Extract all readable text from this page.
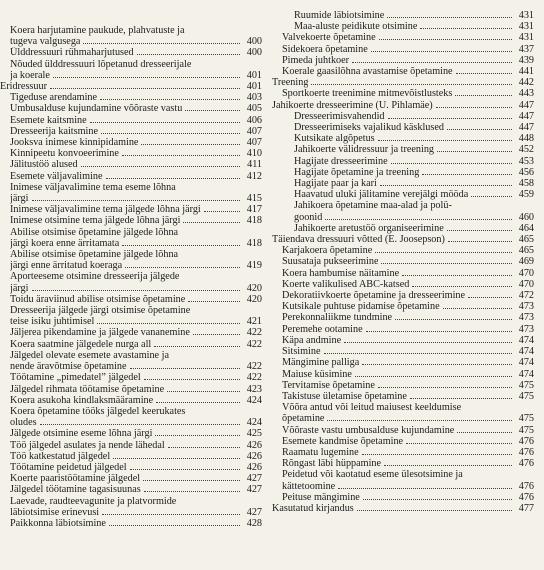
Koera harjutamine paukude, plahvatuste ja
tugeva valgusega	400
Ülddressuuri rühmaharjutused	400
Nõuded ülddressuuri lõpetanud dresseerijale
ja koerale	401
Eridressuur	401
Tigeduse arendamine	403
Umbusalduse kujundamine võõraste vastu	405
Esemete kaitsmine	406
Dresseerija kaitsmine	407
Jooksva inimese kinnipidamine	407
Kinnipeetu konvoeerimine	410
Jälitustöö alused	411
Esemete väljavalimine	412
Inimese väljavalimine tema eseme lõhna
järgi	415
Inimese väljavalimine tema jälgede lõhna järgi	417
Inimese otsimine tema jälgede lõhna järgi	418
Abilise otsimise õpetamine jälgede lõhna
järgi koera enne ärritamata	418
Abilise otsimise õpetamine jälgede lõhna
järgi enne ärritatud koeraga	419
Aporteeseme otsimine dresseerija jälgede
järgi	420
Toidu äraviinud abilise otsimise õpetamine	420
Dresseerija jälgede järgi otsimise õpetamine
teise isiku juhtimisel	421
Jäljerea pikendamine ja jälgede vananemine	422
Koera saatmine jälgedele nurga all	422
Jälgedel olevate esemete avastamine ja
nende äravõtmise õpetamine	422
Töötamine „pimedatel” jälgedel	422
Jälgedel rihmata töötamise õpetamine	423
Koera asukoha kindlaksmääramine	424
Koera õpetamine tööks jälgedel keerukates
oludes	424
Jälgede otsimine eseme lõhna järgi	425
Töö jälgedel asulates ja nende lähedal	426
Töö katkestatud jälgedel	426
Töötamine peidetud jälgedel	426
Koerte paaristöötamine jälgedel	427
Jälgedel töötamine tagasisuunas	427
Laevade, raudteevagunite ja platvormide
läbiotsimise erinevusi	427
Paikkonna läbiotsimine	428
Ruumide läbiotsimine	431
Maa-aluste peidikute otsimine	431
Valvekoerte õpetamine	431
Sidekoera õpetamine	437
Pimeda juhtkoer	439
Koerale gaasilõhna avastamise õpetamine	441
Treening	442
Sportkoerte treenimine mitmevõistlusteks	443
Jahikoerte dresseerimine (U. Pihlamäe)	447
Dresseerimisvahendid	447
Dresseerimiseks vajalikud käsklused	447
Kutsikate algõpetus	448
Jahikoerte välidressuur ja treening	452
Hagijate dresseerimine	453
Hagijate õpetamine ja treening	456
Hagijate paar ja kari	458
Haavatud uluki jälitamine verejälgi mööda	459
Jahikoera õpetamine maa-alad ja polü-
goonid	460
Jahikoerte aretustöö organiseerimine	464
Täiendava dressuuri võtted (E. Joosepson)	465
Karjakoera õpetamine	465
Suusataja pukseerimine	469
Koera hambumise näitamine	470
Koerte valikulised ABC-katsed	470
Dekoratiivkoerte õpetamine ja dresseerimine	472
Kutsikale puhtuse pidamise õpetamine	473
Perekonnaliikme tundmine	473
Peremehe ootamine	473
Käpa andmine	474
Sitsimine	474
Mängimine palliga	474
Maiuse küsimine	474
Tervitamise õpetamine	475
Takistuse ületamise õpetamine	475
Võõra antud või leitud maiusest keeldumise
õpetamine	475
Võõraste vastu umbusalduse kujundamine	475
Esemete kandmise õpetamine	476
Raamatu lugemine	476
Rõngast läbi hüppamine	476
Peidetud või kaotatud eseme ülesotsimine ja
kättetoomine	476
Peituse mängimine	476
Kasutatud kirjandus	477
